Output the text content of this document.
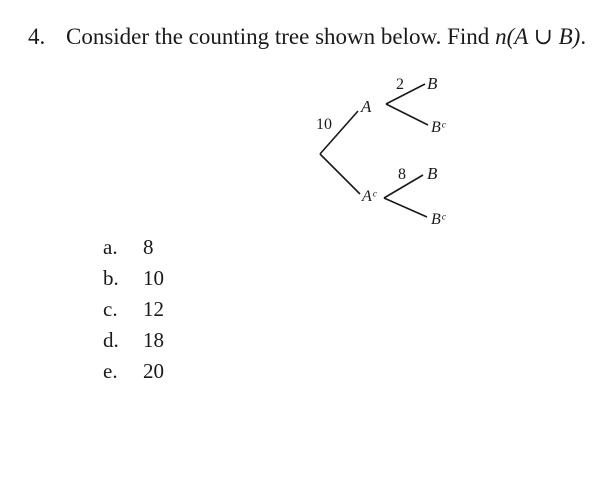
4. Consider the counting tree shown below. Find n(A ∪ B).
10
A
Aᶜ
2 B
Bᶜ
8 B
Bᶜ
a. 8
b. 10
c. 12
d. 18
e. 20
